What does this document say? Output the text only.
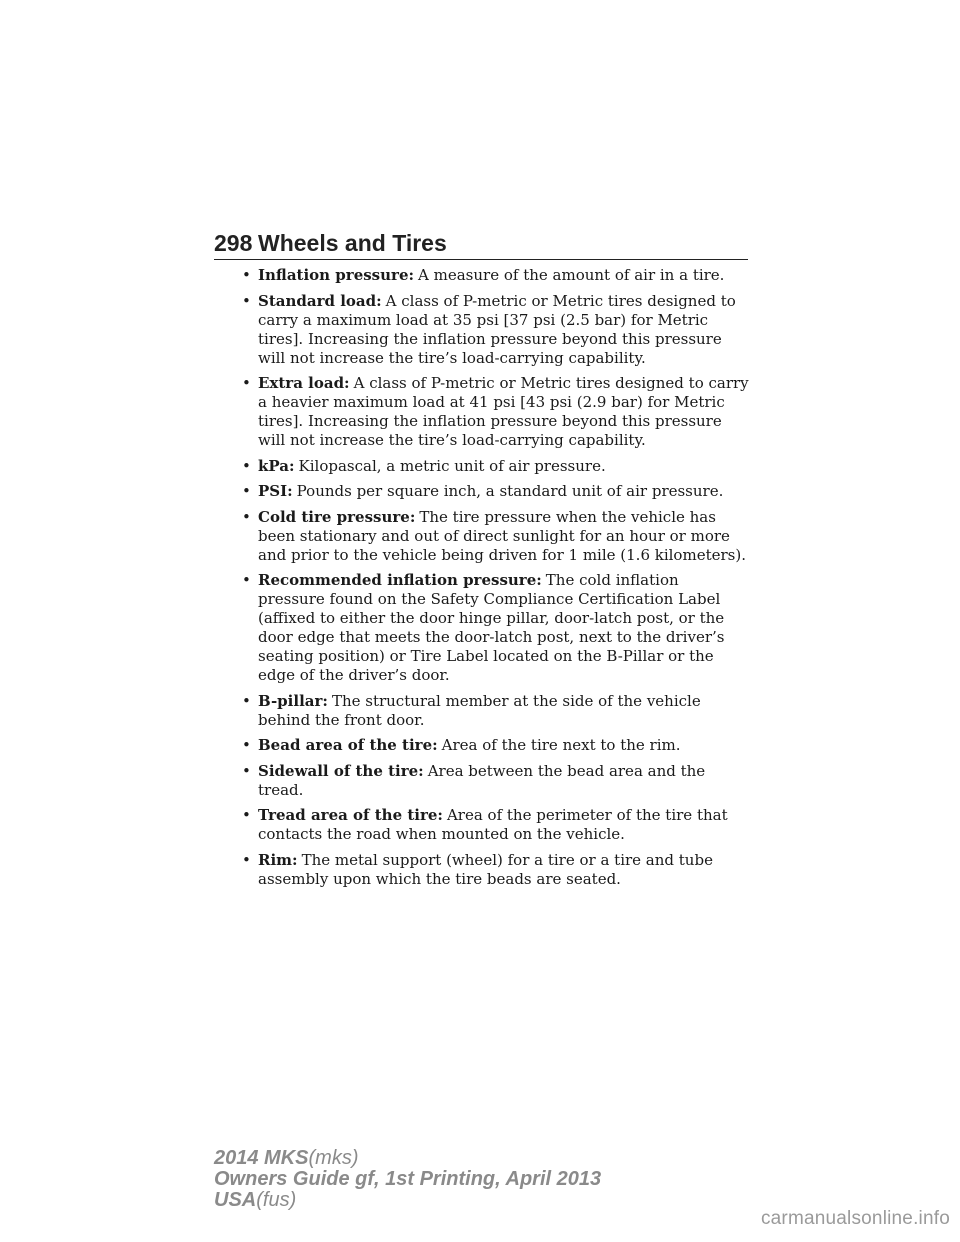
298 Wheels and Tires
• Inflation pressure: A measure of the amount of air in a tire.
• Standard load: A class of P-metric or Metric tires designed to carry a maximum load at 35 psi [37 psi (2.5 bar) for Metric tires]. Increasing the inflation pressure beyond this pressure will not increase the tire’s load-carrying capability.
• Extra load: A class of P-metric or Metric tires designed to carry a heavier maximum load at 41 psi [43 psi (2.9 bar) for Metric tires]. Increasing the inflation pressure beyond this pressure will not increase the tire’s load-carrying capability.
• kPa: Kilopascal, a metric unit of air pressure.
• PSI: Pounds per square inch, a standard unit of air pressure.
• Cold tire pressure: The tire pressure when the vehicle has been stationary and out of direct sunlight for an hour or more and prior to the vehicle being driven for 1 mile (1.6 kilometers).
• Recommended inflation pressure: The cold inflation pressure found on the Safety Compliance Certification Label (affixed to either the door hinge pillar, door-latch post, or the door edge that meets the door-latch post, next to the driver’s seating position) or Tire Label located on the B-Pillar or the edge of the driver’s door.
• B-pillar: The structural member at the side of the vehicle behind the front door.
• Bead area of the tire: Area of the tire next to the rim.
• Sidewall of the tire: Area between the bead area and the tread.
• Tread area of the tire: Area of the perimeter of the tire that contacts the road when mounted on the vehicle.
• Rim: The metal support (wheel) for a tire or a tire and tube assembly upon which the tire beads are seated.
2014 MKS(mks)
Owners Guide gf, 1st Printing, April 2013
USA(fus)
carmanualsonline.info
